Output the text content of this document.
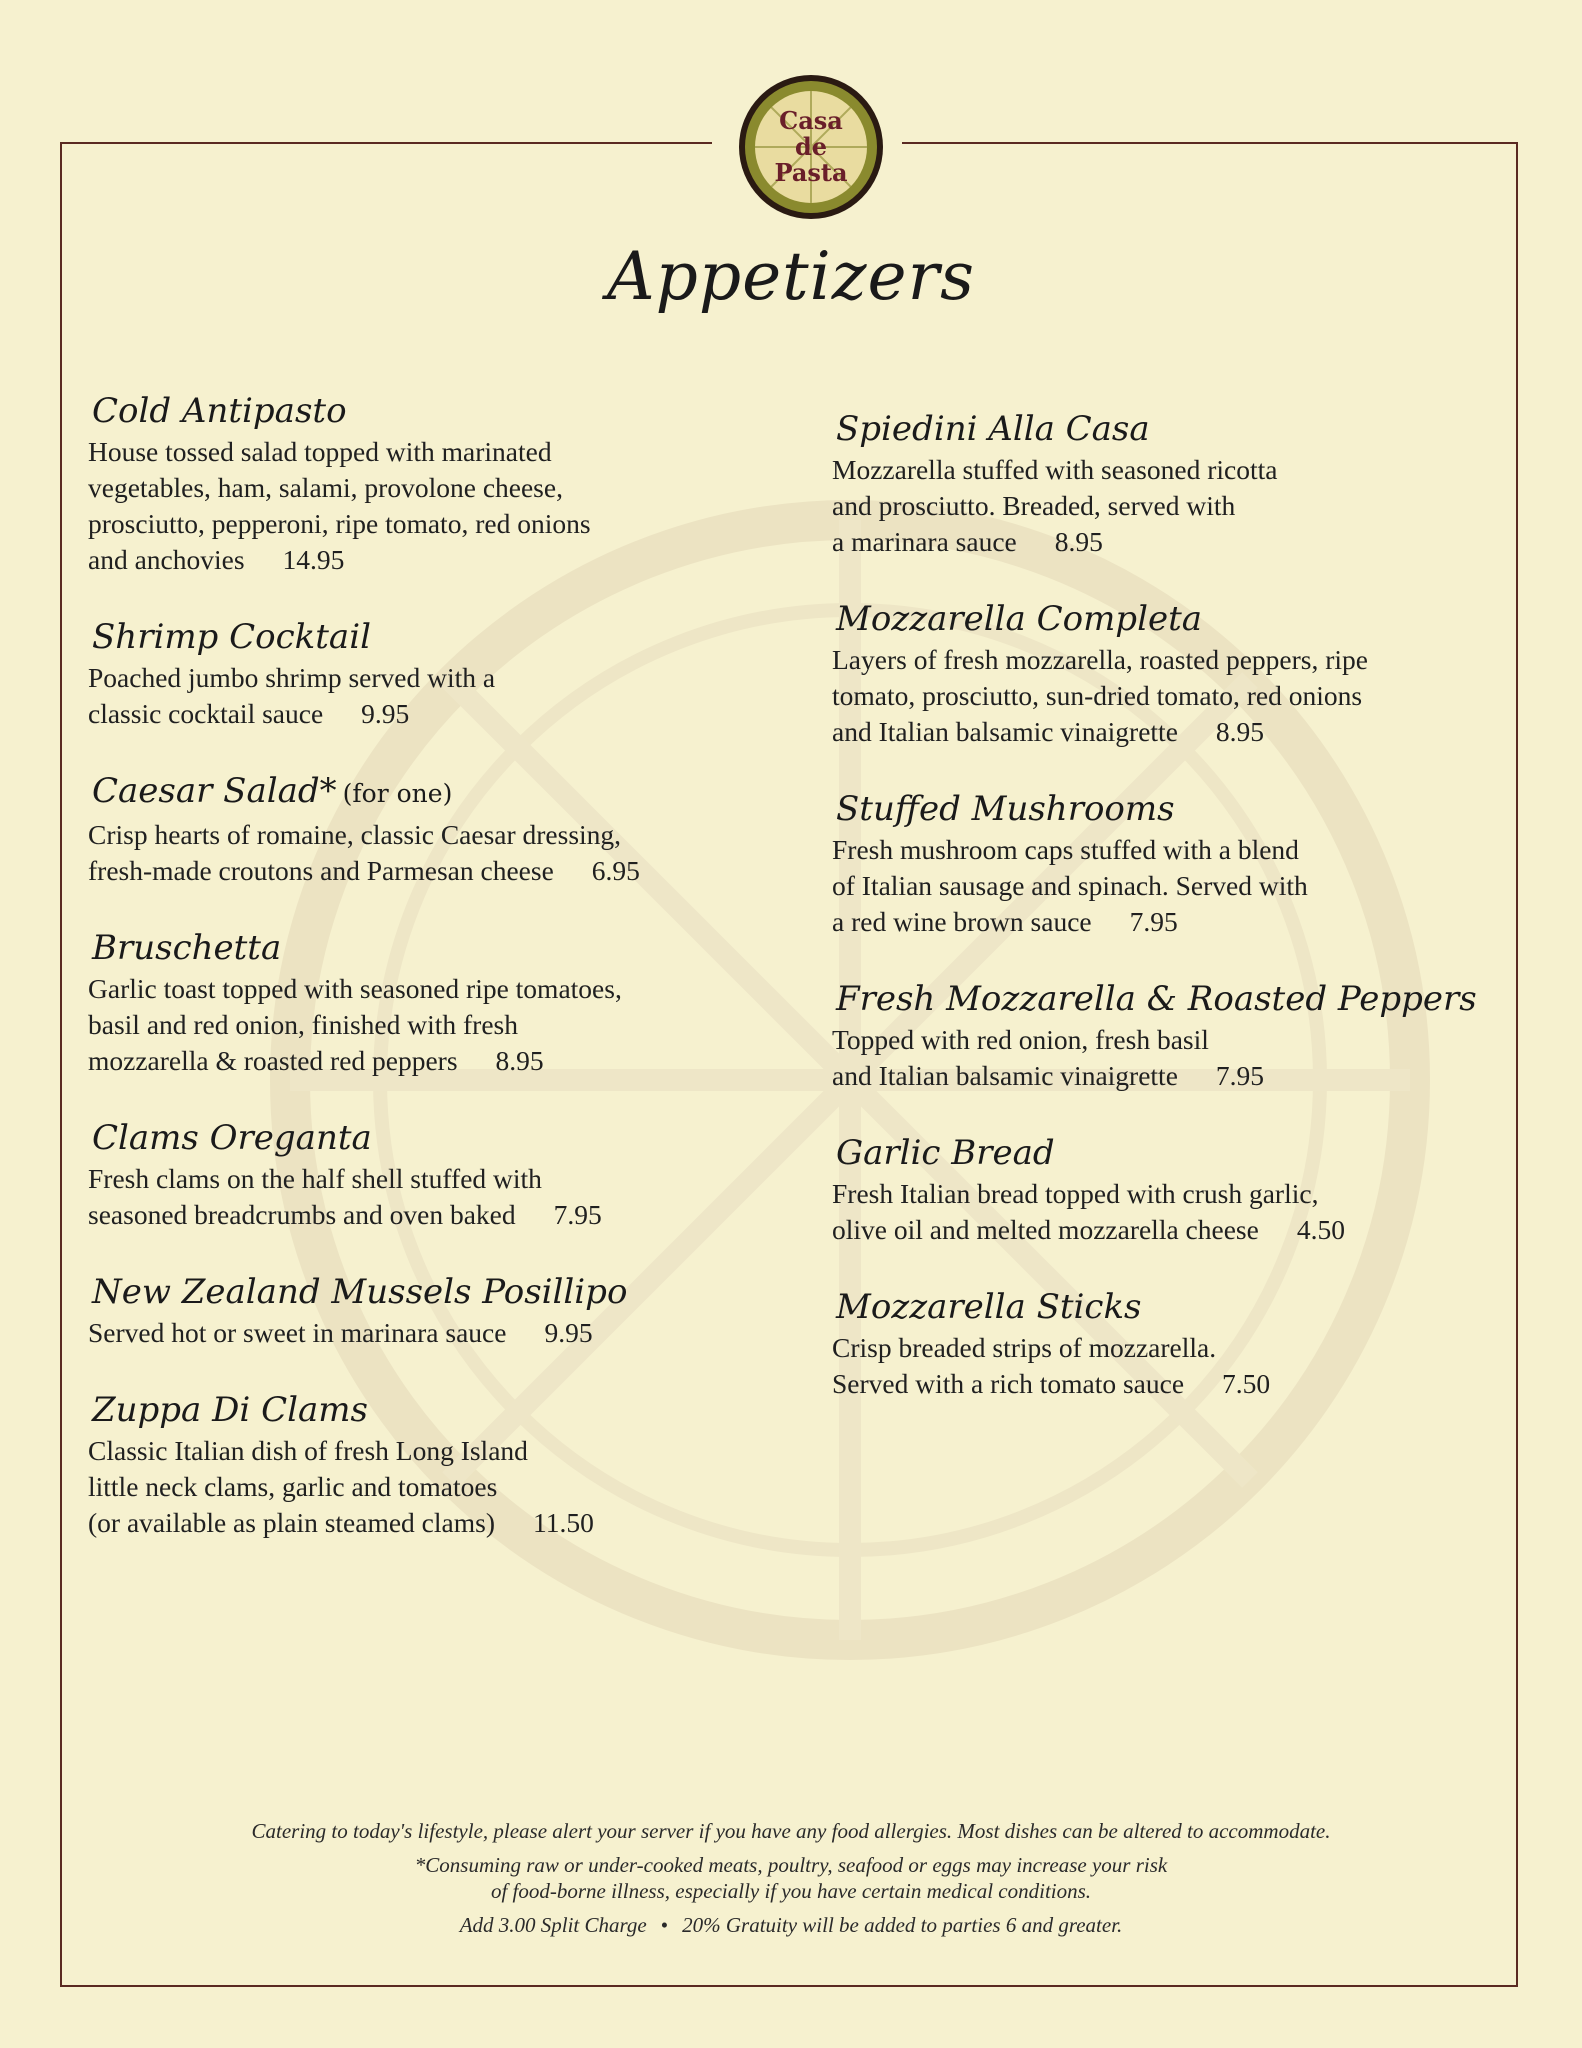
Casa
de
Pasta
Appetizers
Cold Antipasto
House tossed salad topped with marinated
vegetables, ham, salami, provolone cheese,
prosciutto, pepperoni, ripe tomato, red onions
and anchovies 14.95
Shrimp Cocktail
Poached jumbo shrimp served with a
classic cocktail sauce 9.95
Caesar Salad* (for one)
Crisp hearts of romaine, classic Caesar dressing,
fresh-made croutons and Parmesan cheese 6.95
Bruschetta
Garlic toast topped with seasoned ripe tomatoes,
basil and red onion, finished with fresh
mozzarella & roasted red peppers 8.95
Clams Oreganta
Fresh clams on the half shell stuffed with
seasoned breadcrumbs and oven baked 7.95
New Zealand Mussels Posillipo
Served hot or sweet in marinara sauce 9.95
Zuppa Di Clams
Classic Italian dish of fresh Long Island
little neck clams, garlic and tomatoes
(or available as plain steamed clams) 11.50
Spiedini Alla Casa
Mozzarella stuffed with seasoned ricotta
and prosciutto. Breaded, served with
a marinara sauce 8.95
Mozzarella Completa
Layers of fresh mozzarella, roasted peppers, ripe
tomato, prosciutto, sun-dried tomato, red onions
and Italian balsamic vinaigrette 8.95
Stuffed Mushrooms
Fresh mushroom caps stuffed with a blend
of Italian sausage and spinach. Served with
a red wine brown sauce 7.95
Fresh Mozzarella & Roasted Peppers
Topped with red onion, fresh basil
and Italian balsamic vinaigrette 7.95
Garlic Bread
Fresh Italian bread topped with crush garlic,
olive oil and melted mozzarella cheese 4.50
Mozzarella Sticks
Crisp breaded strips of mozzarella.
Served with a rich tomato sauce 7.50

Catering to today's lifestyle, please alert your server if you have any food allergies. Most dishes can be altered to accommodate.

*Consuming raw or under-cooked meats, poultry, seafood or eggs may increase your risk
of food-borne illness, especially if you have certain medical conditions.

Add 3.00 Split Charge • 20% Gratuity will be added to parties 6 and greater.
